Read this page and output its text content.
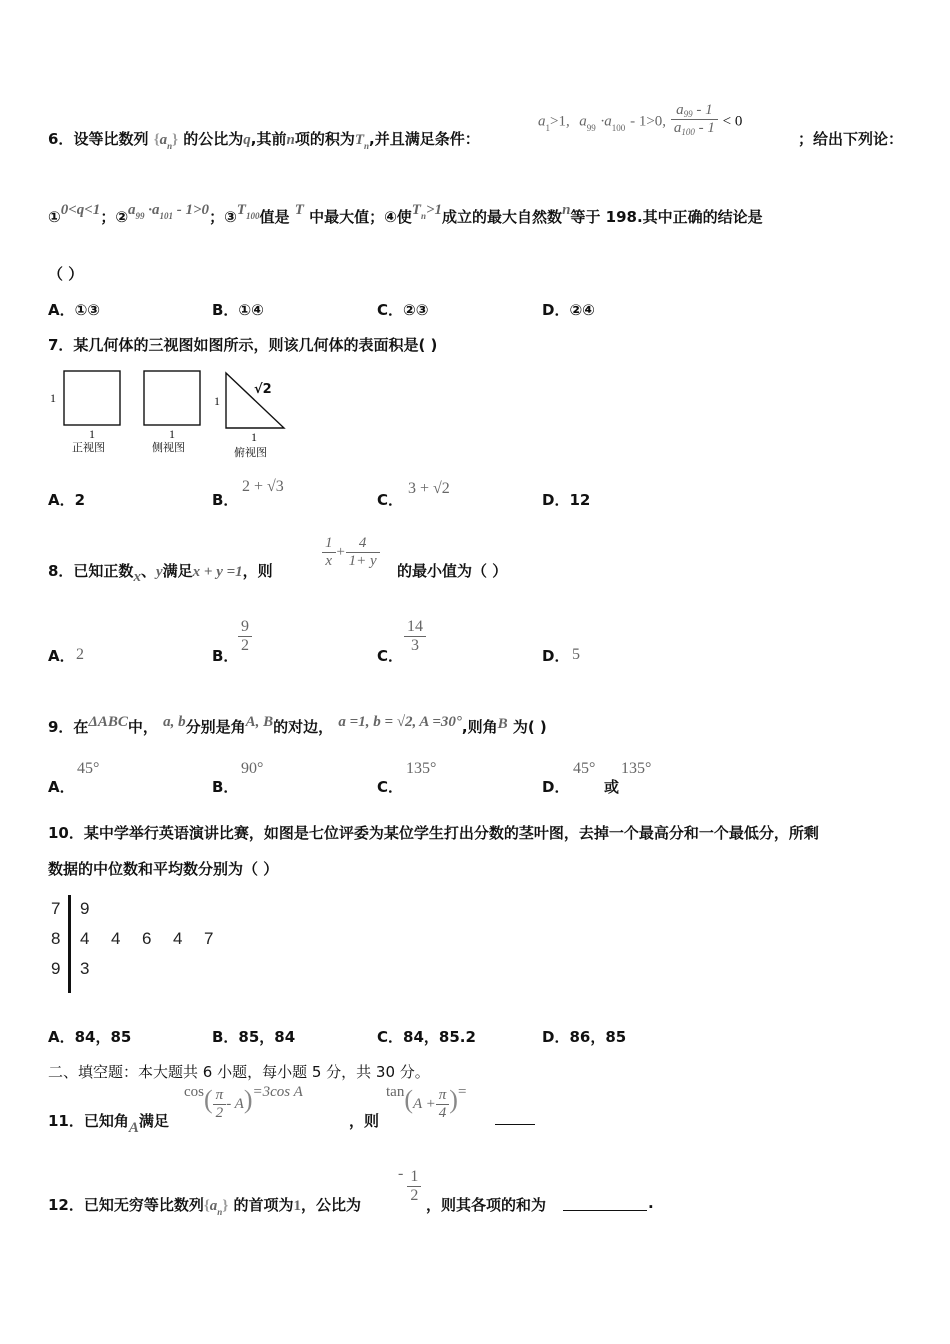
6．设等比数列 $\{a_n\}$ 的公比为q,其前n项的积为$T_n$,并且满足条件：
$a_1>1$, $a_{99} \cdot a_{100} - 1>0$, $\frac{a_{99} - 1}{a_{100} - 1} < 0$
；给出下列论：
①0<q<1；$②a_{99} \cdot a_{101} - 1>0$；$③T_{100}$值是 T 中最大值；④使$T_n>1$成立的最大自然数n等于 198.其中正确的结论是
（ ）
A．①③	B．①④	C．②③	D．②④
7．某几何体的三视图如图所示，则该几何体的表面积是( )
1
1
正视图
1
侧视图
1
√2
1
俯视图
A．2	B．
2 + √3
C．
3 + √2
D．12
8．已知正数x、y满足x + y =1，则
$\frac{1}{x} + \frac{4}{1+ y}$
的最小值为（ ）
A． 2	B．
$\frac{9}{2}$
C．
$\frac{14}{3}$
D． 5
9．在ΔABC中， a, b分别是角A, B的对边， a =1, b = √2, A =30°,则角B 为( )
A．
45°
B．
90°
C．
135°
D．
45°
或
135°
10．某中学举行英语演讲比赛，如图是七位评委为某位学生打出分数的茎叶图，去掉一个最高分和一个最低分，所剩
数据的中位数和平均数分别为（ ）
7 9
8 4 4 6 4 7
9 3
A．84，85	B．85，84	C．84，85.2	D．86，85
二、填空题：本大题共 6 小题，每小题 5 分，共 30 分。
11．已知角A满足
$\cos( \frac{\pi}{2} - A)=3\cos$ A
，则
$\tan(A + \frac{\pi}{4}$ )=
12．已知无穷等比数列$\{a_n\}$ 的首项为1，公比为
- $\frac{1}{2}$ ，则其各项的和为	.
